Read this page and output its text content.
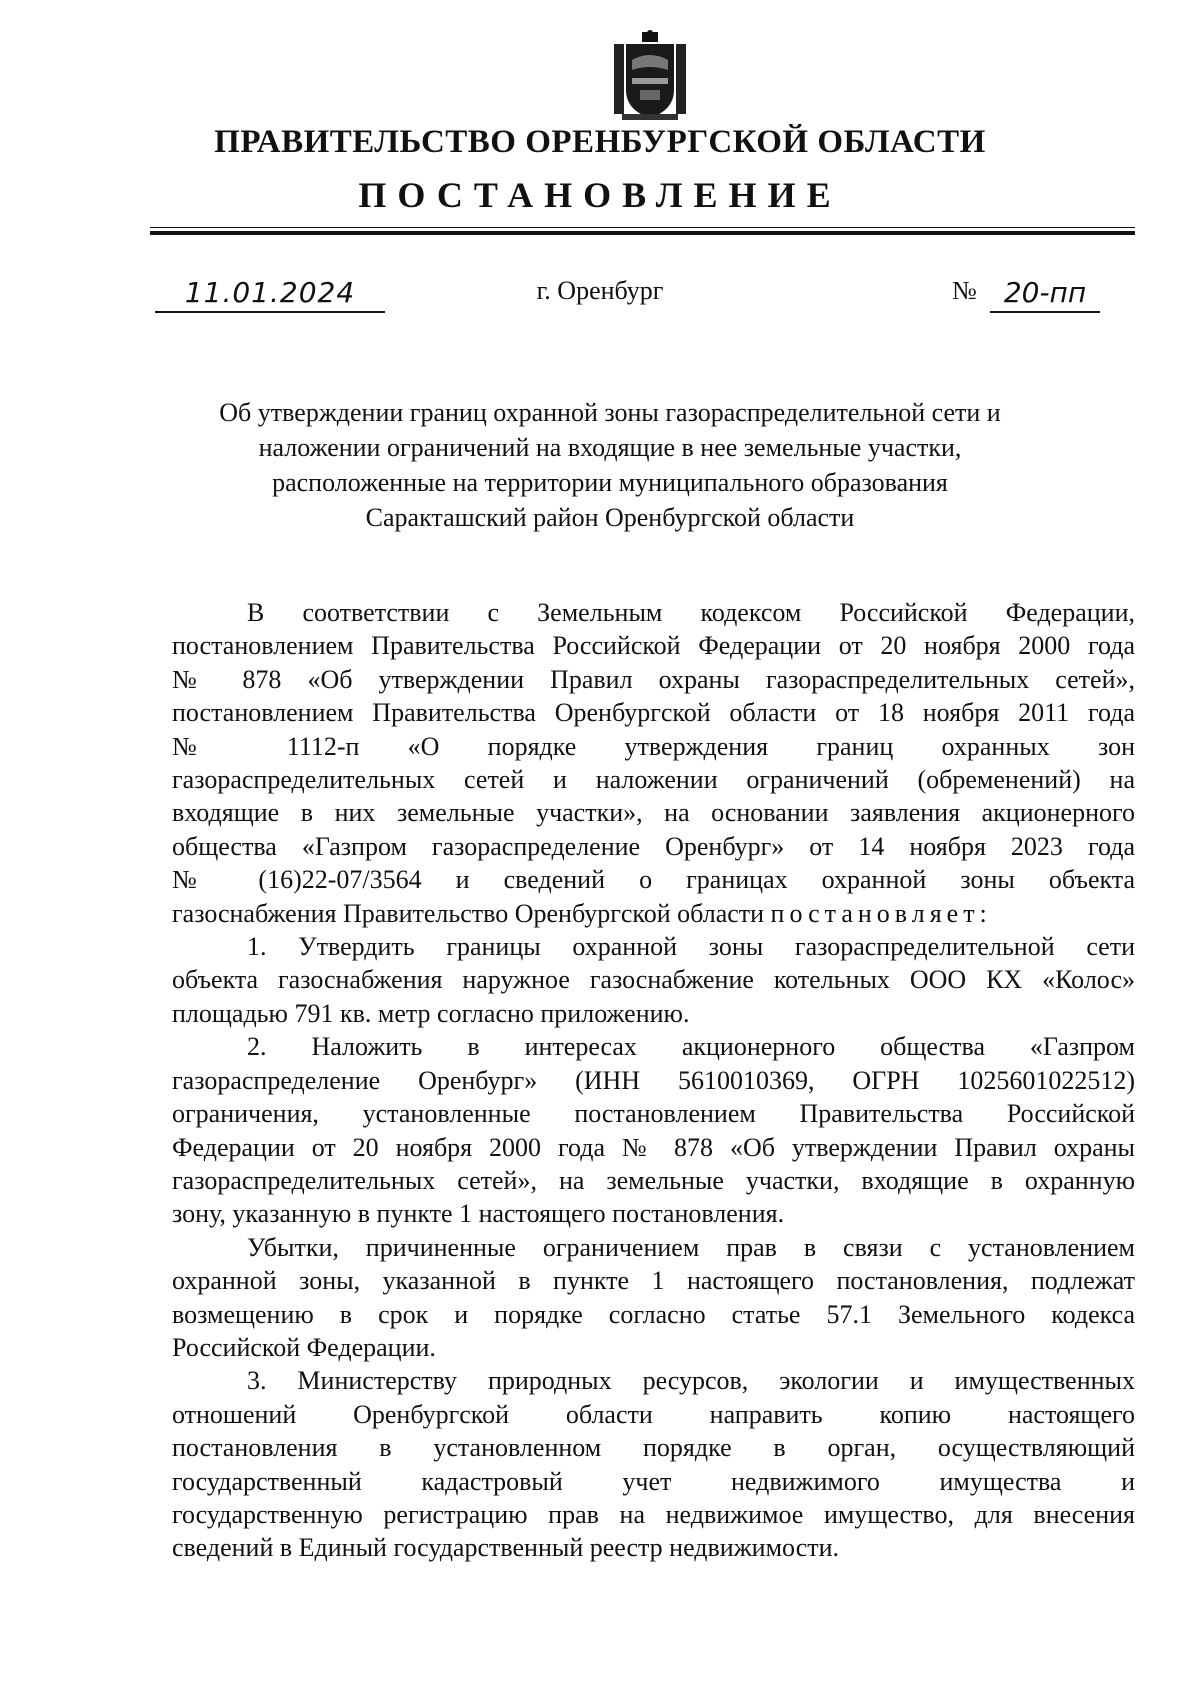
ПРАВИТЕЛЬСТВО ОРЕНБУРГСКОЙ ОБЛАСТИ
ПОСТАНОВЛЕНИЕ
11.01.2024	г. Оренбург	№ 20-пп
Об утверждении границ охранной зоны газораспределительной сети и
наложении ограничений на входящие в нее земельные участки,
расположенные на территории муниципального образования
Саракташский район Оренбургской области
В соответствии с Земельным кодексом Российской Федерации,
постановлением Правительства Российской Федерации от 20 ноября 2000 года
№ 878 «Об утверждении Правил охраны газораспределительных сетей»,
постановлением Правительства Оренбургской области от 18 ноября 2011 года
№ 1112-п «О порядке утверждения границ охранных зон
газораспределительных сетей и наложении ограничений (обременений) на
входящие в них земельные участки», на основании заявления акционерного
общества «Газпром газораспределение Оренбург» от 14 ноября 2023 года
№ (16)22-07/3564 и сведений о границах охранной зоны объекта
газоснабжения Правительство Оренбургской области постановляет:
1. Утвердить границы охранной зоны газораспределительной сети
объекта газоснабжения наружное газоснабжение котельных ООО КХ «Колос»
площадью 791 кв. метр согласно приложению.
2. Наложить в интересах акционерного общества «Газпром
газораспределение Оренбург» (ИНН 5610010369, ОГРН 1025601022512)
ограничения, установленные постановлением Правительства Российской
Федерации от 20 ноября 2000 года № 878 «Об утверждении Правил охраны
газораспределительных сетей», на земельные участки, входящие в охранную
зону, указанную в пункте 1 настоящего постановления.
Убытки, причиненные ограничением прав в связи с установлением
охранной зоны, указанной в пункте 1 настоящего постановления, подлежат
возмещению в срок и порядке согласно статье 57.1 Земельного кодекса
Российской Федерации.
3. Министерству природных ресурсов, экологии и имущественных
отношений Оренбургской области направить копию настоящего
постановления в установленном порядке в орган, осуществляющий
государственный кадастровый учет недвижимого имущества и
государственную регистрацию прав на недвижимое имущество, для внесения
сведений в Единый государственный реестр недвижимости.
